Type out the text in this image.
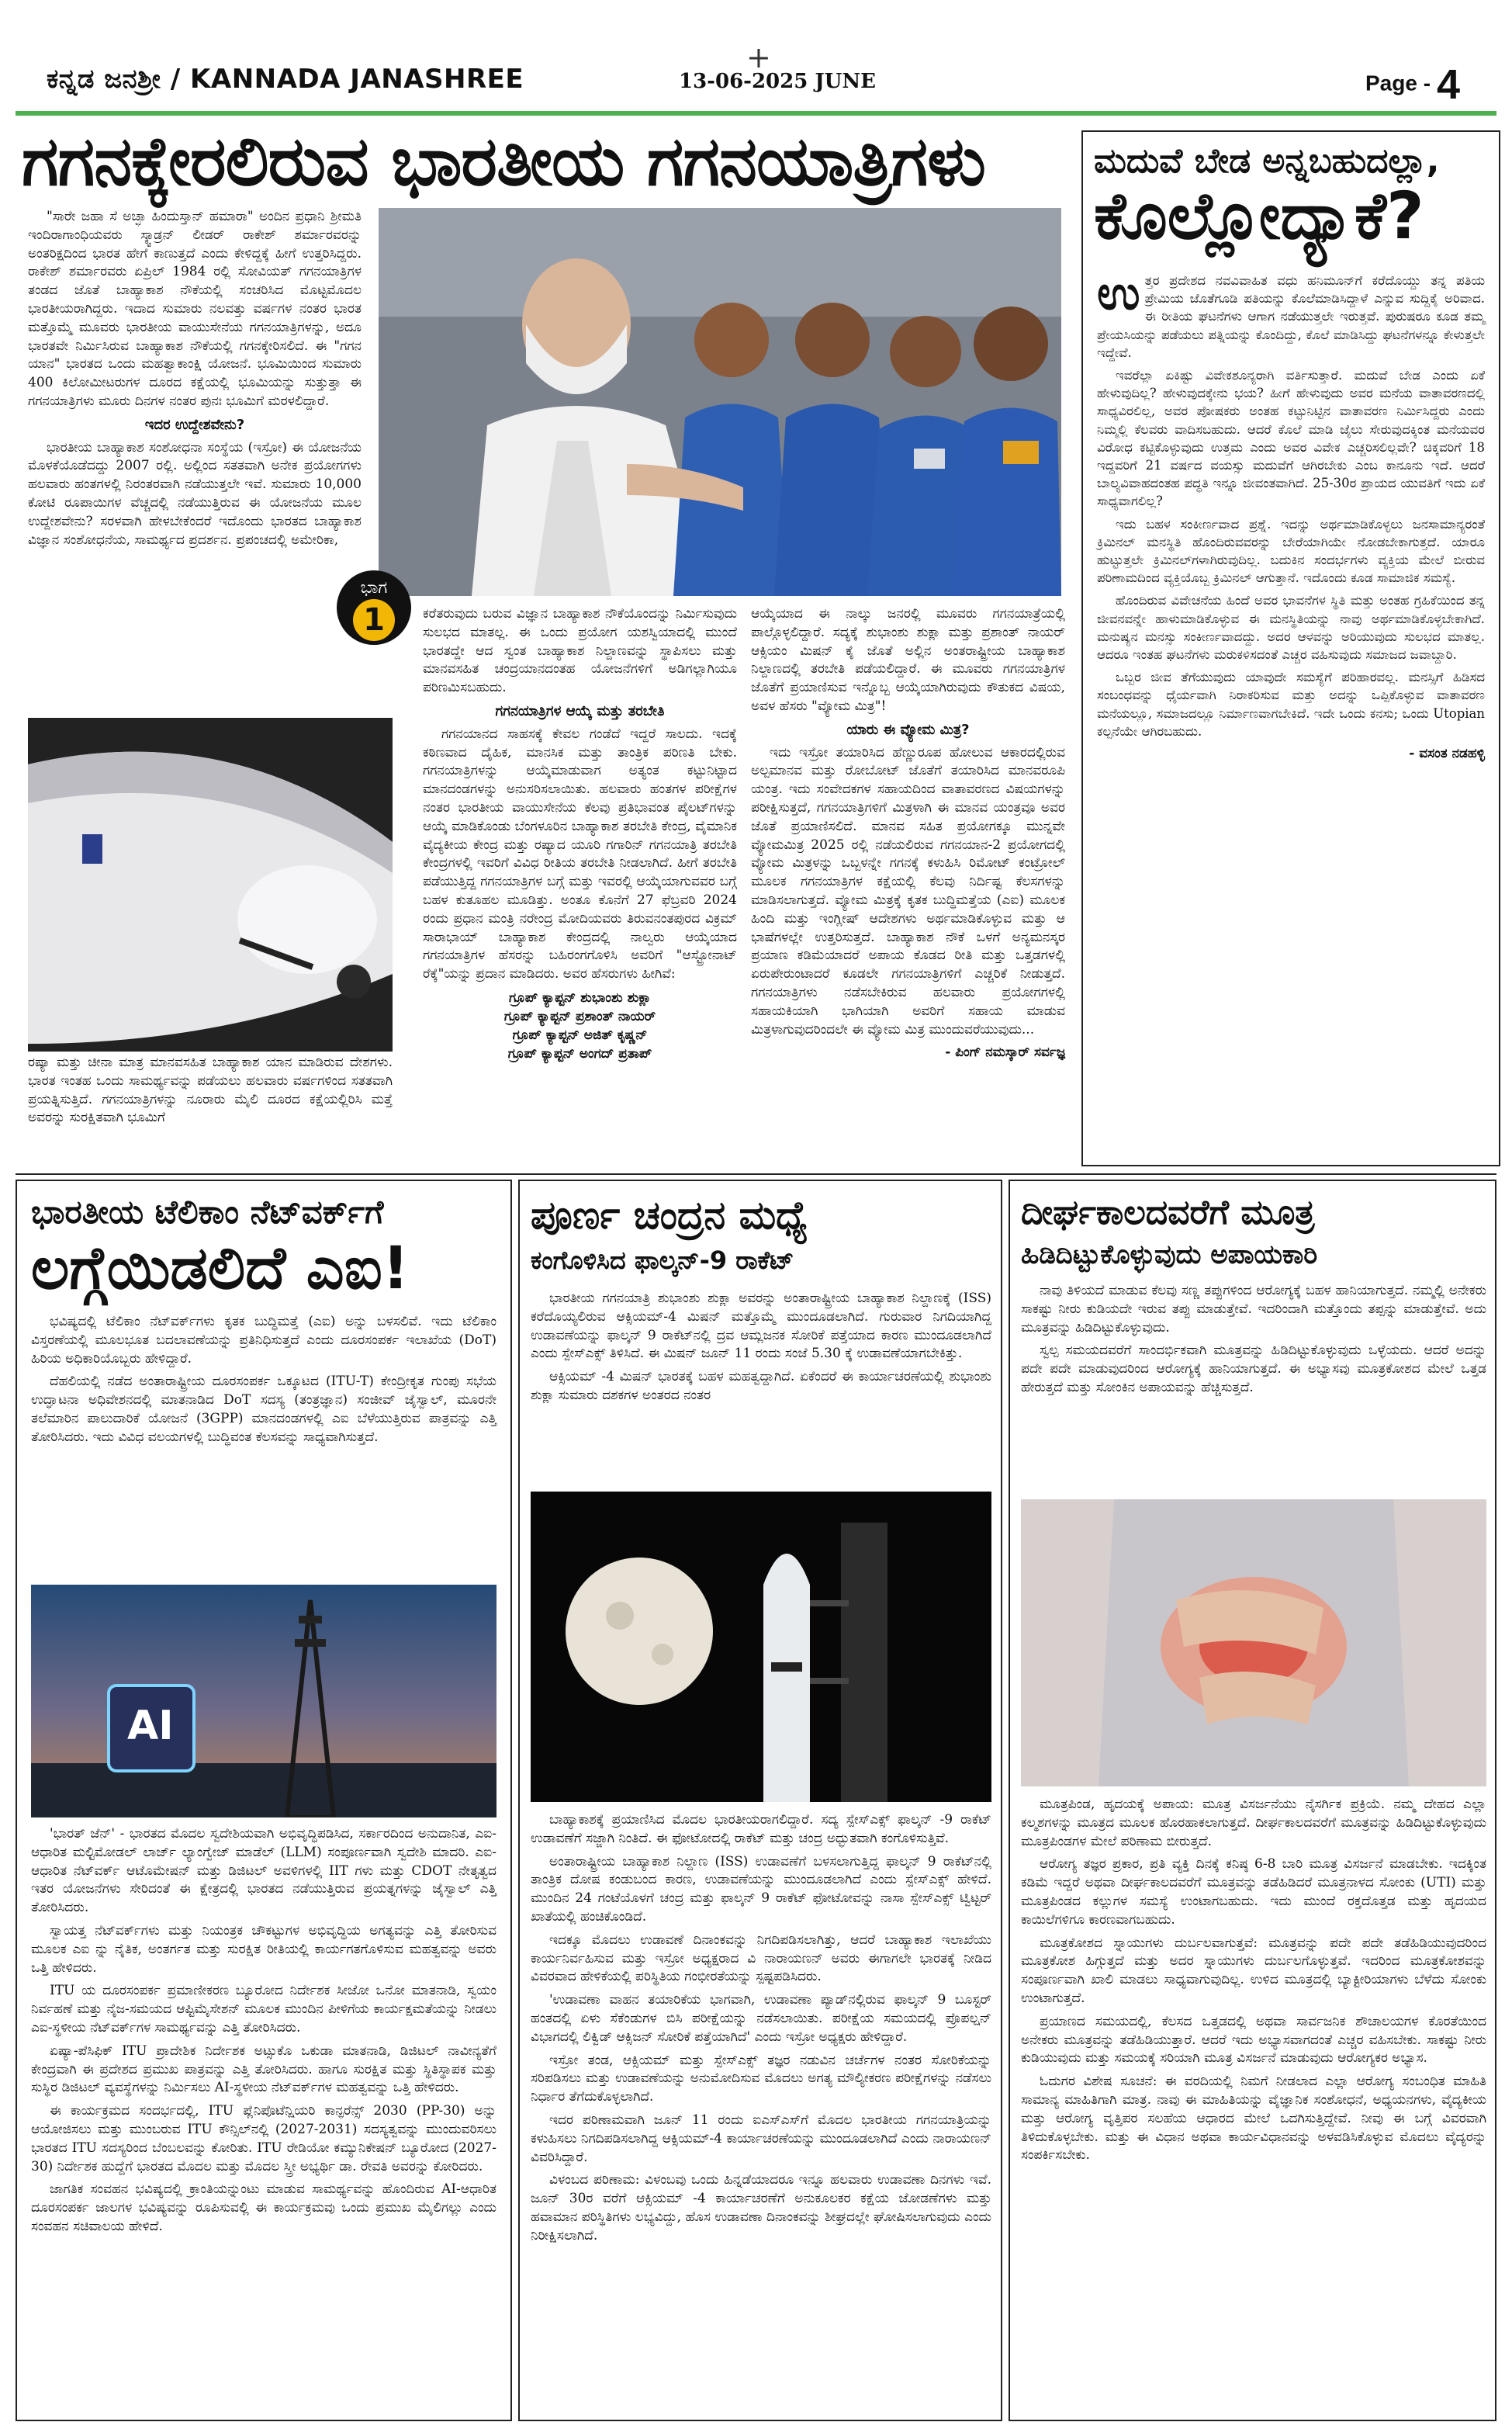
ಕನ್ನಡ ಜನಶ್ರೀ / KANNADA JANASHREE
+
13-06-2025 JUNE	Page - 4
ಗಗನಕ್ಕೇರಲಿರುವ ಭಾರತೀಯ ಗಗನಯಾತ್ರಿಗಳು

"ಸಾರೇ ಜಹಾ ಸೆ ಅಚ್ಛಾ ಹಿಂದುಸ್ತಾನ್ ಹಮಾರಾ" ಅಂದಿನ ಪ್ರಧಾನಿ ಶ್ರೀಮತಿ ಇಂದಿರಾಗಾಂಧಿಯವರು ಸ್ಕ್ವಾಡ್ರನ್ ಲೀಡರ್ ರಾಕೇಶ್ ಶರ್ಮಾರವರನ್ನು ಅಂತರಿಕ್ಷದಿಂದ ಭಾರತ ಹೇಗೆ ಕಾಣುತ್ತದೆ ಎಂದು ಕೇಳಿದ್ದಕ್ಕೆ ಹೀಗೆ ಉತ್ತರಿಸಿದ್ದರು. ರಾಕೇಶ್ ಶರ್ಮಾರವರು ಏಪ್ರಿಲ್ 1984 ರಲ್ಲಿ ಸೋವಿಯತ್ ಗಗನಯಾತ್ರಿಗಳ ತಂಡದ ಜೊತೆ ಬಾಹ್ಯಾಕಾಶ ನೌಕೆಯಲ್ಲಿ ಸಂಚರಿಸಿದ ಮೊಟ್ಟಮೊದಲ ಭಾರತೀಯರಾಗಿದ್ದರು. ಇದಾದ ಸುಮಾರು ನಲವತ್ತು ವರ್ಷಗಳ ನಂತರ ಭಾರತ ಮತ್ತೊಮ್ಮೆ ಮೂವರು ಭಾರತೀಯ ವಾಯುಸೇನೆಯ ಗಗನಯಾತ್ರಿಗಳನ್ನು, ಅದೂ ಭಾರತವೇ ನಿರ್ಮಿಸಿರುವ ಬಾಹ್ಯಾಕಾಶ ನೌಕೆಯಲ್ಲಿ ಗಗನಕ್ಕೇರಿಸಲಿದೆ. ಈ "ಗಗನ ಯಾನ" ಭಾರತದ ಒಂದು ಮಹತ್ವಾಕಾಂಕ್ಷಿ ಯೋಜನೆ. ಭೂಮಿಯಿಂದ ಸುಮಾರು 400 ಕಿಲೋಮೀಟರುಗಳ ದೂರದ ಕಕ್ಷೆಯಲ್ಲಿ ಭೂಮಿಯನ್ನು ಸುತ್ತುತ್ತಾ ಈ ಗಗನಯಾತ್ರಿಗಳು ಮೂರು ದಿನಗಳ ನಂತರ ಪುನಃ ಭೂಮಿಗೆ ಮರಳಲಿದ್ದಾರೆ.

ಇದರ ಉದ್ದೇಶವೇನು?

ಭಾರತೀಯ ಬಾಹ್ಯಾಕಾಶ ಸಂಶೋಧನಾ ಸಂಸ್ಥೆಯ (ಇಸ್ರೋ) ಈ ಯೋಜನೆಯ ಮೊಳಕೆಯೊಡೆದದ್ದು 2007 ರಲ್ಲಿ. ಅಲ್ಲಿಂದ ಸತತವಾಗಿ ಅನೇಕ ಪ್ರಯೋಗಗಳು ಹಲವಾರು ಹಂತಗಳಲ್ಲಿ ನಿರಂತರವಾಗಿ ನಡೆಯುತ್ತಲೇ ಇವೆ. ಸುಮಾರು 10,000 ಕೋಟಿ ರೂಪಾಯಿಗಳ ವೆಚ್ಚದಲ್ಲಿ ನಡೆಯುತ್ತಿರುವ ಈ ಯೋಜನೆಯ ಮೂಲ ಉದ್ದೇಶವೇನು? ಸರಳವಾಗಿ ಹೇಳಬೇಕೆಂದರೆ ಇದೊಂದು ಭಾರತದ ಬಾಹ್ಯಾಕಾಶ ವಿಜ್ಞಾನ ಸಂಶೋಧನೆಯ, ಸಾಮರ್ಥ್ಯದ ಪ್ರದರ್ಶನ. ಪ್ರಪಂಚದಲ್ಲಿ ಅಮೇರಿಕಾ,

ಭಾಗ
1

ರಷ್ಯಾ ಮತ್ತು ಚೀನಾ ಮಾತ್ರ ಮಾನವಸಹಿತ ಬಾಹ್ಯಾಕಾಶ ಯಾನ ಮಾಡಿರುವ ದೇಶಗಳು. ಭಾರತ ಇಂತಹ ಒಂದು ಸಾಮರ್ಥ್ಯವನ್ನು ಪಡೆಯಲು ಹಲವಾರು ವರ್ಷಗಳಿಂದ ಸತತವಾಗಿ ಪ್ರಯತ್ನಿಸುತ್ತಿದೆ. ಗಗನಯಾತ್ರಿಗಳನ್ನು ನೂರಾರು ಮೈಲಿ ದೂರದ ಕಕ್ಷೆಯಲ್ಲಿರಿಸಿ ಮತ್ತೆ ಅವರನ್ನು ಸುರಕ್ಷಿತವಾಗಿ ಭೂಮಿಗೆ

ಕರೆತರುವುದು ಬರುವ ವಿಜ್ಞಾನ ಬಾಹ್ಯಾಕಾಶ ನೌಕೆಯೊಂದನ್ನು ನಿರ್ಮಿಸುವುದು ಸುಲಭದ ಮಾತಲ್ಲ. ಈ ಒಂದು ಪ್ರಯೋಗ ಯಶಸ್ವಿಯಾದಲ್ಲಿ ಮುಂದೆ ಭಾರತದ್ದೇ ಆದ ಸ್ವಂತ ಬಾಹ್ಯಾಕಾಶ ನಿಲ್ದಾಣವನ್ನು ಸ್ಥಾಪಿಸಲು ಮತ್ತು ಮಾನವಸಹಿತ ಚಂದ್ರಯಾನದಂತಹ ಯೋಜನೆಗಳಿಗೆ ಅಡಿಗಲ್ಲಾಗಿಯೂ ಪರಿಣಮಿಸಬಹುದು.

ಗಗನಯಾತ್ರಿಗಳ ಆಯ್ಕೆ ಮತ್ತು ತರಬೇತಿ

ಗಗನಯಾನದ ಸಾಹಸಕ್ಕೆ ಕೇವಲ ಗಂಡೆದೆ ಇದ್ದರೆ ಸಾಲದು. ಇದಕ್ಕೆ ಕಠಿಣವಾದ ದೈಹಿಕ, ಮಾನಸಿಕ ಮತ್ತು ತಾಂತ್ರಿಕ ಪರಿಣತಿ ಬೇಕು. ಗಗನಯಾತ್ರಿಗಳನ್ನು ಆಯ್ಕೆಮಾಡುವಾಗ ಅತ್ಯಂತ ಕಟ್ಟುನಿಟ್ಟಾದ ಮಾನದಂಡಗಳನ್ನು ಅನುಸರಿಸಲಾಯಿತು. ಹಲವಾರು ಹಂತಗಳ ಪರೀಕ್ಷೆಗಳ ನಂತರ ಭಾರತೀಯ ವಾಯುಸೇನೆಯ ಕೆಲವು ಪ್ರತಿಭಾವಂತ ಪೈಲಟ್‌ಗಳನ್ನು ಆಯ್ಕೆ ಮಾಡಿಕೊಂಡು ಬೆಂಗಳೂರಿನ ಬಾಹ್ಯಾಕಾಶ ತರಬೇತಿ ಕೇಂದ್ರ, ವೈಮಾನಿಕ ವೈದ್ಯಕೀಯ ಕೇಂದ್ರ ಮತ್ತು ರಷ್ಯಾದ ಯೂರಿ ಗಗಾರಿನ್ ಗಗನಯಾತ್ರಿ ತರಬೇತಿ ಕೇಂದ್ರಗಳಲ್ಲಿ ಇವರಿಗೆ ವಿವಿಧ ರೀತಿಯ ತರಬೇತಿ ನೀಡಲಾಗಿದೆ. ಹೀಗೆ ತರಬೇತಿ ಪಡೆಯುತ್ತಿದ್ದ ಗಗನಯಾತ್ರಿಗಳ ಬಗ್ಗೆ ಮತ್ತು ಇವರಲ್ಲಿ ಆಯ್ಕೆಯಾಗುವವರ ಬಗ್ಗೆ ಬಹಳ ಕುತೂಹಲ ಮೂಡಿತ್ತು. ಅಂತೂ ಕೊನೆಗೆ 27 ಫೆಬ್ರವರಿ 2024 ರಂದು ಪ್ರಧಾನ ಮಂತ್ರಿ ನರೇಂದ್ರ ಮೋದಿಯವರು ತಿರುವನಂತಪುರದ ವಿಕ್ರಮ್ ಸಾರಾಭಾಯ್ ಬಾಹ್ಯಾಕಾಶ ಕೇಂದ್ರದಲ್ಲಿ ನಾಲ್ವರು ಆಯ್ಕೆಯಾದ ಗಗನಯಾತ್ರಿಗಳ ಹೆಸರನ್ನು ಬಹಿರಂಗಗೊಳಿಸಿ ಅವರಿಗೆ "ಆಸ್ಟ್ರೋನಾಟ್ ರೆಕ್ಕೆ"ಯನ್ನು ಪ್ರದಾನ ಮಾಡಿದರು. ಅವರ ಹೆಸರುಗಳು ಹೀಗಿವೆ:

ಗ್ರೂಪ್ ಕ್ಯಾಪ್ಟನ್ ಶುಭಾಂಶು ಶುಕ್ಲಾ
ಗ್ರೂಪ್ ಕ್ಯಾಪ್ಟನ್ ಪ್ರಶಾಂತ್ ನಾಯರ್
ಗ್ರೂಪ್ ಕ್ಯಾಪ್ಟನ್ ಅಜಿತ್ ಕೃಷ್ಣನ್
ಗ್ರೂಪ್ ಕ್ಯಾಪ್ಟನ್ ಅಂಗದ್ ಪ್ರತಾಪ್

ಆಯ್ಕೆಯಾದ ಈ ನಾಲ್ಕು ಜನರಲ್ಲಿ ಮೂವರು ಗಗನಯಾತ್ರೆಯಲ್ಲಿ ಪಾಲ್ಗೊಳ್ಳಲಿದ್ದಾರೆ. ಸದ್ಯಕ್ಕೆ ಶುಭಾಂಶು ಶುಕ್ಲಾ ಮತ್ತು ಪ್ರಶಾಂತ್ ನಾಯರ್ ಆಕ್ಸಿಯಂ ಮಿಷನ್ ಕೈ ಜೊತೆ ಅಲ್ಲಿನ ಅಂತರಾಷ್ಟ್ರೀಯ ಬಾಹ್ಯಾಕಾಶ ನಿಲ್ದಾಣದಲ್ಲಿ ತರಬೇತಿ ಪಡೆಯಲಿದ್ದಾರೆ. ಈ ಮೂವರು ಗಗನಯಾತ್ರಿಗಳ ಜೊತೆಗೆ ಪ್ರಯಾಣಿಸುವ ಇನ್ನೊಬ್ಬ ಆಯ್ಕೆಯಾಗಿರುವುದು ಕೌತುಕದ ವಿಷಯ, ಅವಳ ಹೆಸರು "ವ್ಯೋಮ ಮಿತ್ರ"!

ಯಾರು ಈ ವ್ಯೋಮ ಮಿತ್ರ?

ಇದು ಇಸ್ರೋ ತಯಾರಿಸಿದ ಹೆಣ್ಣುರೂಪ ಹೋಲುವ ಆಕಾರದಲ್ಲಿರುವ ಅಲ್ಪಮಾನವ ಮತ್ತು ರೋಬೋಟ್ ಜೊತೆಗೆ ತಯಾರಿಸಿದ ಮಾನವರೂಪಿ ಯಂತ್ರ. ಇದು ಸಂವೇದಕಗಳ ಸಹಾಯದಿಂದ ವಾತಾವರಣದ ವಿಷಯಗಳನ್ನು ಪರೀಕ್ಷಿಸುತ್ತದೆ, ಗಗನಯಾತ್ರಿಗಳಿಗೆ ಮಿತ್ರಳಾಗಿ ಈ ಮಾನವ ಯಂತ್ರವೂ ಅವರ ಜೊತೆ ಪ್ರಯಾಣಿಸಲಿದೆ. ಮಾನವ ಸಹಿತ ಪ್ರಯೋಗಕ್ಕೂ ಮುನ್ನವೇ ವ್ಯೋಮಮಿತ್ರ 2025 ರಲ್ಲಿ ನಡೆಯಲಿರುವ ಗಗನಯಾನ-2 ಪ್ರಯೋಗದಲ್ಲಿ ವ್ಯೋಮ ಮಿತ್ರಳನ್ನು ಒಬ್ಬಳನ್ನೇ ಗಗನಕ್ಕೆ ಕಳುಹಿಸಿ ರಿಮೋಟ್ ಕಂಟ್ರೋಲ್ ಮೂಲಕ ಗಗನಯಾತ್ರಿಗಳ ಕಕ್ಷೆಯಲ್ಲಿ ಕೆಲವು ನಿರ್ದಿಷ್ಟ ಕೆಲಸಗಳನ್ನು ಮಾಡಿಸಲಾಗುತ್ತದೆ. ವ್ಯೋಮ ಮಿತ್ರಕ್ಕೆ ಕೃತಕ ಬುದ್ಧಿಮತ್ತೆಯ (ಎಐ) ಮೂಲಕ ಹಿಂದಿ ಮತ್ತು ಇಂಗ್ಲೀಷ್ ಆದೇಶಗಳು ಅರ್ಥಮಾಡಿಕೊಳ್ಳುವ ಮತ್ತು ಆ ಭಾಷೆಗಳಲ್ಲೇ ಉತ್ತರಿಸುತ್ತದೆ. ಬಾಹ್ಯಾಕಾಶ ನೌಕೆ ಒಳಗೆ ಅನ್ಯಮನಸ್ಕರ ಪ್ರಯಾಣ ಕಡಿಮೆಯಾದರೆ ಅಪಾಯ ಕೊಡದ ರೀತಿ ಮತ್ತು ಒತ್ತಡಗಳಲ್ಲಿ ಏರುಪೇರುಂಟಾದರೆ ಕೂಡಲೇ ಗಗನಯಾತ್ರಿಗಳಿಗೆ ಎಚ್ಚರಿಕೆ ನೀಡುತ್ತದೆ. ಗಗನಯಾತ್ರಿಗಳು ನಡೆಸಬೇಕಿರುವ ಹಲವಾರು ಪ್ರಯೋಗಗಳಲ್ಲಿ ಸಹಾಯಕಿಯಾಗಿ ಭಾಗಿಯಾಗಿ ಅವರಿಗೆ ಸಹಾಯ ಮಾಡುವ ಮಿತ್ರಳಾಗುವುದರಿಂದಲೇ ಈ ವ್ಯೋಮ ಮಿತ್ರ ಮುಂದುವರೆಯುವುದು...

- ಪಿಂಗ್ ನಮಸ್ಕಾರ್ ಸರ್ವಜ್ಞ
ಮದುವೆ ಬೇಡ ಅನ್ನಬಹುದಲ್ಲಾ,
ಕೊಲ್ಲೋದ್ಯಾಕೆ?

ಉತ್ತರ ಪ್ರದೇಶದ ನವವಿವಾಹಿತ ವಧು ಹನಿಮೂನ್‌ಗೆ ಕರೆದೊಯ್ದು ತನ್ನ ಪತಿಯ ಪ್ರೇಮಿಯ ಜೊತೆಗೂಡಿ ಪತಿಯನ್ನು ಕೊಲೆಮಾಡಿಸಿದ್ದಾಳೆ ಎನ್ನುವ ಸುದ್ದಿಕೈ ಅರಿವಾದ. ಈ ರೀತಿಯ ಘಟನೆಗಳು ಆಗಾಗ ನಡೆಯುತ್ತಲೇ ಇರುತ್ತವೆ. ಪುರುಷರೂ ಕೂಡ ತಮ್ಮ ಪ್ರೇಯಸಿಯನ್ನು ಪಡೆಯಲು ಪತ್ನಿಯನ್ನು ಕೊಂದಿದ್ದು, ಕೊಲೆ ಮಾಡಿಸಿದ್ದು ಘಟನೆಗಳನ್ನೂ ಕೇಳುತ್ತಲೇ ಇದ್ದೇವೆ.

ಇವರೆಲ್ಲಾ ಏಕಿಷ್ಟು ವಿವೇಕಶೂನ್ಯರಾಗಿ ವರ್ತಿಸುತ್ತಾರೆ. ಮದುವೆ ಬೇಡ ಎಂದು ಏಕೆ ಹೇಳುವುದಿಲ್ಲ? ಹೇಳುವುದಕ್ಕೇನು ಭಯ? ಹೀಗೆ ಹೇಳುವುದು ಅವರ ಮನೆಯ ವಾತಾವರಣದಲ್ಲಿ ಸಾಧ್ಯವಿರಲಿಲ್ಲ, ಅವರ ಪೋಷಕರು ಅಂತಹ ಕಟ್ಟುನಿಟ್ಟಿನ ವಾತಾವರಣ ನಿರ್ಮಿಸಿದ್ದರು ಎಂದು ನಿಮ್ಮಲ್ಲಿ ಕೆಲವರು ವಾದಿಸಬಹುದು. ಆದರೆ ಕೊಲೆ ಮಾಡಿ ಜೈಲು ಸೇರುವುದಕ್ಕಿಂತ ಮನೆಯವರ ವಿರೋಧ ಕಟ್ಟಿಕೊಳ್ಳುವುದು ಉತ್ತಮ ಎಂದು ಅವರ ವಿವೇಕ ಎಚ್ಚರಿಸಲಿಲ್ಲವೇ? ಚಿಕ್ಕವರಿಗೆ 18 ಇದ್ದವರಿಗೆ 21 ವರ್ಷದ ವಯಸ್ಸು ಮದುವೆಗೆ ಆಗಿರಬೇಕು ಎಂಬ ಕಾನೂನು ಇದೆ. ಆದರೆ ಬಾಲ್ಯವಿವಾಹದಂತಹ ಪದ್ಧತಿ ಇನ್ನೂ ಜೀವಂತವಾಗಿದೆ. 25-30ರ ಪ್ರಾಯದ ಯುವತಿಗೆ ಇದು ಏಕೆ ಸಾಧ್ಯವಾಗಲಿಲ್ಲ?

ಇದು ಬಹಳ ಸಂಕೀರ್ಣವಾದ ಪ್ರಶ್ನೆ. ಇದನ್ನು ಅರ್ಥಮಾಡಿಕೊಳ್ಳಲು ಜನಸಾಮಾನ್ಯರಂತೆ ಕ್ರಿಮಿನಲ್ ಮನಸ್ಥಿತಿ ಹೊಂದಿರುವವರನ್ನು ಬೇರೆಯಾಗಿಯೇ ನೋಡಬೇಕಾಗುತ್ತದೆ. ಯಾರೂ ಹುಟ್ಟುತ್ತಲೇ ಕ್ರಿಮಿನಲ್‌ಗಳಾಗಿರುವುದಿಲ್ಲ. ಬದುಕಿನ ಸಂದರ್ಭಗಳು ವ್ಯಕ್ತಿಯ ಮೇಲೆ ಬೀರುವ ಪರಿಣಾಮದಿಂದ ವ್ಯಕ್ತಿಯೊಬ್ಬ ಕ್ರಿಮಿನಲ್ ಆಗುತ್ತಾನೆ. ಇದೊಂದು ಕೂಡ ಸಾಮಾಜಿಕ ಸಮಸ್ಯೆ.

ಹೊಂದಿರುವ ವಿವೇಚನೆಯ ಹಿಂದೆ ಅವರ ಭಾವನೆಗಳ ಸ್ಥಿತಿ ಮತ್ತು ಅಂತಹ ಗ್ರಹಿಕೆಯಿಂದ ತನ್ನ ಜೀವನವನ್ನೇ ಹಾಳುಮಾಡಿಕೊಳ್ಳುವ ಈ ಮನಸ್ಥಿತಿಯನ್ನು ನಾವು ಅರ್ಥಮಾಡಿಕೊಳ್ಳಬೇಕಾಗಿದೆ. ಮನುಷ್ಯನ ಮನಸ್ಸು ಸಂಕೀರ್ಣವಾದದ್ದು. ಅದರ ಆಳವನ್ನು ಅರಿಯುವುದು ಸುಲಭದ ಮಾತಲ್ಲ. ಆದರೂ ಇಂತಹ ಘಟನೆಗಳು ಮರುಕಳಿಸದಂತೆ ಎಚ್ಚರ ವಹಿಸುವುದು ಸಮಾಜದ ಜವಾಬ್ದಾರಿ.

ಒಬ್ಬರ ಜೀವ ತೆಗೆಯುವುದು ಯಾವುದೇ ಸಮಸ್ಯೆಗೆ ಪರಿಹಾರವಲ್ಲ. ಮನಸ್ಸಿಗೆ ಹಿಡಿಸದ ಸಂಬಂಧವನ್ನು ಧೈರ್ಯವಾಗಿ ನಿರಾಕರಿಸುವ ಮತ್ತು ಅದನ್ನು ಒಪ್ಪಿಕೊಳ್ಳುವ ವಾತಾವರಣ ಮನೆಯಲ್ಲೂ, ಸಮಾಜದಲ್ಲೂ ನಿರ್ಮಾಣವಾಗಬೇಕಿದೆ. ಇದೇ ಒಂದು ಕನಸು; ಒಂದು Utopian ಕಲ್ಪನೆಯೇ ಆಗಿರಬಹುದು.

- ವಸಂತ ನಡಹಳ್ಳಿ
ಭಾರತೀಯ ಟೆಲಿಕಾಂ ನೆಟ್‌ವರ್ಕ್‌ಗೆ
ಲಗ್ಗೆಯಿಡಲಿದೆ ಎಐ!

ಭವಿಷ್ಯದಲ್ಲಿ ಟೆಲಿಕಾಂ ನೆಟ್‌ವರ್ಕ್‌ಗಳು ಕೃತಕ ಬುದ್ಧಿಮತ್ತೆ (ಎಐ) ಅನ್ನು ಬಳಸಲಿವೆ. ಇದು ಟೆಲಿಕಾಂ ವಿಸ್ತರಣೆಯಲ್ಲಿ ಮೂಲಭೂತ ಬದಲಾವಣೆಯನ್ನು ಪ್ರತಿನಿಧಿಸುತ್ತದೆ ಎಂದು ದೂರಸಂಪರ್ಕ ಇಲಾಖೆಯ (DoT) ಹಿರಿಯ ಅಧಿಕಾರಿಯೊಬ್ಬರು ಹೇಳಿದ್ದಾರೆ.

ದೆಹಲಿಯಲ್ಲಿ ನಡೆದ ಅಂತಾರಾಷ್ಟ್ರೀಯ ದೂರಸಂಪರ್ಕ ಒಕ್ಕೂಟದ (ITU-T) ಕೇಂದ್ರೀಕೃತ ಗುಂಪು ಸಭೆಯ ಉದ್ಘಾಟನಾ ಅಧಿವೇಶನದಲ್ಲಿ ಮಾತನಾಡಿದ DoT ಸದಸ್ಯ (ತಂತ್ರಜ್ಞಾನ) ಸಂಜೀವ್ ಜೈಸ್ವಾಲ್, ಮೂರನೇ ತಲೆಮಾರಿನ ಪಾಲುದಾರಿಕೆ ಯೋಜನೆ (3GPP) ಮಾನದಂಡಗಳಲ್ಲಿ ಎಐ ಬೆಳೆಯುತ್ತಿರುವ ಪಾತ್ರವನ್ನು ಎತ್ತಿ ತೋರಿಸಿದರು. ಇದು ವಿವಿಧ ವಲಯಗಳಲ್ಲಿ ಬುದ್ಧಿವಂತ ಕೆಲಸವನ್ನು ಸಾಧ್ಯವಾಗಿಸುತ್ತದೆ.

AI

'ಭಾರತ್ ಜೆನ್' - ಭಾರತದ ಮೊದಲ ಸ್ವದೇಶಿಯವಾಗಿ ಅಭಿವೃದ್ಧಿಪಡಿಸಿದ, ಸರ್ಕಾರದಿಂದ ಅನುದಾನಿತ, ಎಐ-ಆಧಾರಿತ ಮಲ್ಟಿಮೋಡಲ್ ಲಾರ್ಜ್ ಲ್ಯಾಂಗ್ವೇಜ್ ಮಾಡೆಲ್ (LLM) ಸಂಪೂರ್ಣವಾಗಿ ಸ್ವದೇಶಿ ಮಾದರಿ. ಎಐ-ಆಧಾರಿತ ನೆಟ್‌ವರ್ಕ್ ಆಟೊಮೇಷನ್ ಮತ್ತು ಡಿಜಿಟಲ್ ಅವಳಿಗಳಲ್ಲಿ IIT ಗಳು ಮತ್ತು CDOT ನೇತೃತ್ವದ ಇತರ ಯೋಜನೆಗಳು ಸೇರಿದಂತೆ ಈ ಕ್ಷೇತ್ರದಲ್ಲಿ ಭಾರತದ ನಡೆಯುತ್ತಿರುವ ಪ್ರಯತ್ನಗಳನ್ನು ಜೈಸ್ವಾಲ್ ಎತ್ತಿ ತೋರಿಸಿದರು.

ಸ್ವಾಯತ್ತ ನೆಟ್‌ವರ್ಕ್‌ಗಳು ಮತ್ತು ನಿಯಂತ್ರಕ ಚೌಕಟ್ಟುಗಳ ಅಭಿವೃದ್ಧಿಯ ಅಗತ್ಯವನ್ನು ಎತ್ತಿ ತೋರಿಸುವ ಮೂಲಕ ಎಐ ನ್ನು ನೈತಿಕ, ಅಂತರ್ಗತ ಮತ್ತು ಸುರಕ್ಷಿತ ರೀತಿಯಲ್ಲಿ ಕಾರ್ಯಗತಗೊಳಿಸುವ ಮಹತ್ವವನ್ನು ಅವರು ಒತ್ತಿ ಹೇಳಿದರು.

ITU ಯ ದೂರಸಂಪರ್ಕ ಪ್ರಮಾಣೀಕರಣ ಬ್ಯೂರೋದ ನಿರ್ದೇಶಕ ಸೀಜೋ ಒನೋ ಮಾತನಾಡಿ, ಸ್ವಯಂ ನಿರ್ವಹಣೆ ಮತ್ತು ನೈಜ-ಸಮಯದ ಆಪ್ಟಿಮೈಸೇಶನ್ ಮೂಲಕ ಮುಂದಿನ ಪೀಳಿಗೆಯ ಕಾರ್ಯಕ್ಷಮತೆಯನ್ನು ನೀಡಲು ಎಐ-ಸ್ಥಳೀಯ ನೆಟ್‌ವರ್ಕ್‌ಗಳ ಸಾಮರ್ಥ್ಯವನ್ನು ಎತ್ತಿ ತೋರಿಸಿದರು.

ಏಷ್ಯಾ-ಪೆಸಿಫಿಕ್ ITU ಪ್ರಾದೇಶಿಕ ನಿರ್ದೇಶಕ ಅಟ್ಸುಕೊ ಒಕುಡಾ ಮಾತನಾಡಿ, ಡಿಜಿಟಲ್ ನಾವೀನ್ಯತೆಗೆ ಕೇಂದ್ರವಾಗಿ ಈ ಪ್ರದೇಶದ ಪ್ರಮುಖ ಪಾತ್ರವನ್ನು ಎತ್ತಿ ತೋರಿಸಿದರು. ಹಾಗೂ ಸುರಕ್ಷಿತ ಮತ್ತು ಸ್ಥಿತಿಸ್ಥಾಪಕ ಮತ್ತು ಸುಸ್ಥಿರ ಡಿಜಿಟಲ್ ವ್ಯವಸ್ಥೆಗಳನ್ನು ನಿರ್ಮಿಸಲು AI-ಸ್ಥಳೀಯ ನೆಟ್‌ವರ್ಕ್‌ಗಳ ಮಹತ್ವವನ್ನು ಒತ್ತಿ ಹೇಳಿದರು.

ಈ ಕಾರ್ಯಕ್ರಮದ ಸಂದರ್ಭದಲ್ಲಿ, ITU ಪ್ಲೆನಿಪೊಟೆನ್ಷಿಯರಿ ಕಾನ್ಫರೆನ್ಸ್ 2030 (PP-30) ಅನ್ನು ಆಯೋಜಿಸಲು ಮತ್ತು ಮುಂಬರುವ ITU ಕೌನ್ಸಿಲ್‌ನಲ್ಲಿ (2027-2031) ಸದಸ್ಯತ್ವವನ್ನು ಮುಂದುವರಿಸಲು ಭಾರತದ ITU ಸದಸ್ಯರಿಂದ ಬೆಂಬಲವನ್ನು ಕೋರಿತು. ITU ರೇಡಿಯೋ ಕಮ್ಯುನಿಕೇಷನ್ ಬ್ಯೂರೋದ (2027-30) ನಿರ್ದೇಶಕ ಹುದ್ದೆಗೆ ಭಾರತದ ಮೊದಲ ಮತ್ತು ಮೊದಲ ಸ್ತ್ರೀ ಅಭ್ಯರ್ಥಿ ಡಾ. ರೇವತಿ ಅವರನ್ನು ಕೋರಿದರು.

ಜಾಗತಿಕ ಸಂವಹನ ಭವಿಷ್ಯದಲ್ಲಿ ಕ್ರಾಂತಿಯನ್ನುಂಟು ಮಾಡುವ ಸಾಮರ್ಥ್ಯವನ್ನು ಹೊಂದಿರುವ AI-ಆಧಾರಿತ ದೂರಸಂಪರ್ಕ ಜಾಲಗಳ ಭವಿಷ್ಯವನ್ನು ರೂಪಿಸುವಲ್ಲಿ ಈ ಕಾರ್ಯಕ್ರಮವು ಒಂದು ಪ್ರಮುಖ ಮೈಲಿಗಲ್ಲು ಎಂದು ಸಂವಹನ ಸಚಿವಾಲಯ ಹೇಳಿದೆ.

ಪೂರ್ಣ ಚಂದ್ರನ ಮಧ್ಯೆ
ಕಂಗೊಳಿಸಿದ ಫಾಲ್ಕನ್-9 ರಾಕೆಟ್

ಭಾರತೀಯ ಗಗನಯಾತ್ರಿ ಶುಭಾಂಶು ಶುಕ್ಲಾ ಅವರನ್ನು ಅಂತಾರಾಷ್ಟ್ರೀಯ ಬಾಹ್ಯಾಕಾಶ ನಿಲ್ದಾಣಕ್ಕೆ (ISS) ಕರೆದೊಯ್ಯಲಿರುವ ಆಕ್ಸಿಯಮ್-4 ಮಿಷನ್ ಮತ್ತೊಮ್ಮೆ ಮುಂದೂಡಲಾಗಿದೆ. ಗುರುವಾರ ನಿಗದಿಯಾಗಿದ್ದ ಉಡಾವಣೆಯನ್ನು ಫಾಲ್ಕನ್ 9 ರಾಕೆಟ್‌ನಲ್ಲಿ ದ್ರವ ಆಮ್ಲಜನಕ ಸೋರಿಕೆ ಪತ್ತೆಯಾದ ಕಾರಣ ಮುಂದೂಡಲಾಗಿದೆ ಎಂದು ಸ್ಪೇಸ್‌ಎಕ್ಸ್ ತಿಳಿಸಿದೆ. ಈ ಮಿಷನ್ ಜೂನ್ 11 ರಂದು ಸಂಜೆ 5.30 ಕ್ಕೆ ಉಡಾವಣೆಯಾಗಬೇಕಿತ್ತು.

ಆಕ್ಸಿಯಮ್ -4 ಮಿಷನ್ ಭಾರತಕ್ಕೆ ಬಹಳ ಮಹತ್ವದ್ದಾಗಿದೆ. ಏಕೆಂದರೆ ಈ ಕಾರ್ಯಾಚರಣೆಯಲ್ಲಿ ಶುಭಾಂಶು ಶುಕ್ಲಾ ಸುಮಾರು ದಶಕಗಳ ಅಂತರದ ನಂತರ

ಬಾಹ್ಯಾಕಾಶಕ್ಕೆ ಪ್ರಯಾಣಿಸಿದ ಮೊದಲ ಭಾರತೀಯರಾಗಲಿದ್ದಾರೆ. ಸದ್ಯ ಸ್ಪೇಸ್‌ಎಕ್ಸ್ ಫಾಲ್ಕನ್ -9 ರಾಕೆಟ್ ಉಡಾವಣೆಗೆ ಸಜ್ಜಾಗಿ ನಿಂತಿದೆ. ಈ ಫೋಟೋದಲ್ಲಿ ರಾಕೆಟ್ ಮತ್ತು ಚಂದ್ರ ಅದ್ಭುತವಾಗಿ ಕಂಗೊಳಿಸುತ್ತಿವೆ.

ಅಂತಾರಾಷ್ಟ್ರೀಯ ಬಾಹ್ಯಾಕಾಶ ನಿಲ್ದಾಣ (ISS) ಉಡಾವಣೆಗೆ ಬಳಸಲಾಗುತ್ತಿದ್ದ ಫಾಲ್ಕನ್ 9 ರಾಕೆಟ್‌ನಲ್ಲಿ ತಾಂತ್ರಿಕ ದೋಷ ಕಂಡುಬಂದ ಕಾರಣ, ಉಡಾವಣೆಯನ್ನು ಮುಂದೂಡಲಾಗಿದೆ ಎಂದು ಸ್ಪೇಸ್‌ಎಕ್ಸ್ ಹೇಳಿದೆ. ಮುಂದಿನ 24 ಗಂಟೆಯೊಳಗೆ ಚಂದ್ರ ಮತ್ತು ಫಾಲ್ಕನ್ 9 ರಾಕೆಟ್ ಫೋಟೋವನ್ನು ನಾಸಾ ಸ್ಪೇಸ್‌ಎಕ್ಸ್ ಟ್ವಿಟ್ಟರ್ ಖಾತೆಯಲ್ಲಿ ಹಂಚಿಕೊಂಡಿದೆ.

ಇದಕ್ಕೂ ಮೊದಲು ಉಡಾವಣೆ ದಿನಾಂಕವನ್ನು ನಿಗದಿಪಡಿಸಲಾಗಿತ್ತು, ಆದರೆ ಬಾಹ್ಯಾಕಾಶ ಇಲಾಖೆಯು ಕಾರ್ಯನಿರ್ವಹಿಸುವ ಮತ್ತು ಇಸ್ರೋ ಅಧ್ಯಕ್ಷರಾದ ವಿ ನಾರಾಯಣನ್ ಅವರು ಈಗಾಗಲೇ ಭಾರತಕ್ಕೆ ನೀಡಿದ ವಿವರವಾದ ಹೇಳಿಕೆಯಲ್ಲಿ ಪರಿಸ್ಥಿತಿಯ ಗಂಭೀರತೆಯನ್ನು ಸ್ಪಷ್ಟಪಡಿಸಿದರು.

'ಉಡಾವಣಾ ವಾಹನ ತಯಾರಿಕೆಯ ಭಾಗವಾಗಿ, ಉಡಾವಣಾ ಪ್ಯಾಡ್‌ನಲ್ಲಿರುವ ಫಾಲ್ಕನ್ 9 ಬೂಸ್ಟರ್ ಹಂತದಲ್ಲಿ ಏಳು ಸೆಕೆಂಡುಗಳ ಬಿಸಿ ಪರೀಕ್ಷೆಯನ್ನು ನಡೆಸಲಾಯಿತು. ಪರೀಕ್ಷೆಯ ಸಮಯದಲ್ಲಿ ಪ್ರೊಪಲ್ಷನ್ ವಿಭಾಗದಲ್ಲಿ ಲಿಕ್ವಿಡ್ ಆಕ್ಸಿಜನ್ ಸೋರಿಕೆ ಪತ್ತೆಯಾಗಿದೆ' ಎಂದು ಇಸ್ರೋ ಅಧ್ಯಕ್ಷರು ಹೇಳಿದ್ದಾರೆ.

ಇಸ್ರೋ ತಂಡ, ಆಕ್ಸಿಯಮ್ ಮತ್ತು ಸ್ಪೇಸ್‌ಎಕ್ಸ್ ತಜ್ಞರ ನಡುವಿನ ಚರ್ಚೆಗಳ ನಂತರ ಸೋರಿಕೆಯನ್ನು ಸರಿಪಡಿಸಲು ಮತ್ತು ಉಡಾವಣೆಯನ್ನು ಅನುಮೋದಿಸುವ ಮೊದಲು ಅಗತ್ಯ ಮೌಲ್ಯೀಕರಣ ಪರೀಕ್ಷೆಗಳನ್ನು ನಡೆಸಲು ನಿರ್ಧಾರ ತೆಗೆದುಕೊಳ್ಳಲಾಗಿದೆ.

ಇದರ ಪರಿಣಾಮವಾಗಿ ಜೂನ್ 11 ರಂದು ಐಎಸ್‌ಎಸ್‌ಗೆ ಮೊದಲ ಭಾರತೀಯ ಗಗನಯಾತ್ರಿಯನ್ನು ಕಳುಹಿಸಲು ನಿಗದಿಪಡಿಸಲಾಗಿದ್ದ ಆಕ್ಸಿಯಮ್-4 ಕಾರ್ಯಾಚರಣೆಯನ್ನು ಮುಂದೂಡಲಾಗಿದೆ ಎಂದು ನಾರಾಯಣನ್ ವಿವರಿಸಿದ್ದಾರೆ.

ವಿಳಂಬದ ಪರಿಣಾಮ: ವಿಳಂಬವು ಒಂದು ಹಿನ್ನಡೆಯಾದರೂ ಇನ್ನೂ ಹಲವಾರು ಉಡಾವಣಾ ದಿನಗಳು ಇವೆ. ಜೂನ್ 30ರ ವರೆಗೆ ಆಕ್ಸಿಯಮ್ -4 ಕಾರ್ಯಾಚರಣೆಗೆ ಅನುಕೂಲಕರ ಕಕ್ಷೆಯ ಜೋಡಣೆಗಳು ಮತ್ತು ಹವಾಮಾನ ಪರಿಸ್ಥಿತಿಗಳು ಲಭ್ಯವಿದ್ದು, ಹೊಸ ಉಡಾವಣಾ ದಿನಾಂಕವನ್ನು ಶೀಘ್ರದಲ್ಲೇ ಘೋಷಿಸಲಾಗುವುದು ಎಂದು ನಿರೀಕ್ಷಿಸಲಾಗಿದೆ.

ದೀರ್ಘಕಾಲದವರೆಗೆ ಮೂತ್ರ
ಹಿಡಿದಿಟ್ಟುಕೊಳ್ಳುವುದು ಅಪಾಯಕಾರಿ

ನಾವು ತಿಳಿಯದೆ ಮಾಡುವ ಕೆಲವು ಸಣ್ಣ ತಪ್ಪುಗಳಿಂದ ಆರೋಗ್ಯಕ್ಕೆ ಬಹಳ ಹಾನಿಯಾಗುತ್ತದೆ. ನಮ್ಮಲ್ಲಿ ಅನೇಕರು ಸಾಕಷ್ಟು ನೀರು ಕುಡಿಯದೇ ಇರುವ ತಪ್ಪು ಮಾಡುತ್ತೇವೆ. ಇದರಿಂದಾಗಿ ಮತ್ತೊಂದು ತಪ್ಪನ್ನು ಮಾಡುತ್ತೇವೆ. ಅದು ಮೂತ್ರವನ್ನು ಹಿಡಿದಿಟ್ಟುಕೊಳ್ಳುವುದು.

ಸ್ವಲ್ಪ ಸಮಯದವರೆಗೆ ಸಾಂದರ್ಭಿಕವಾಗಿ ಮೂತ್ರವನ್ನು ಹಿಡಿದಿಟ್ಟುಕೊಳ್ಳುವುದು ಒಳ್ಳೆಯದು. ಆದರೆ ಅದನ್ನು ಪದೇ ಪದೇ ಮಾಡುವುದರಿಂದ ಆರೋಗ್ಯಕ್ಕೆ ಹಾನಿಯಾಗುತ್ತದೆ. ಈ ಅಭ್ಯಾಸವು ಮೂತ್ರಕೋಶದ ಮೇಲೆ ಒತ್ತಡ ಹೇರುತ್ತದೆ ಮತ್ತು ಸೋಂಕಿನ ಅಪಾಯವನ್ನು ಹೆಚ್ಚಿಸುತ್ತದೆ.

ಮೂತ್ರಪಿಂಡ, ಹೃದಯಕ್ಕೆ ಅಪಾಯ: ಮೂತ್ರ ವಿಸರ್ಜನೆಯು ನೈಸರ್ಗಿಕ ಪ್ರಕ್ರಿಯೆ. ನಮ್ಮ ದೇಹದ ಎಲ್ಲಾ ಕಲ್ಮಶಗಳನ್ನು ಮೂತ್ರದ ಮೂಲಕ ಹೊರಹಾಕಲಾಗುತ್ತದೆ. ದೀರ್ಘಕಾಲದವರೆಗೆ ಮೂತ್ರವನ್ನು ಹಿಡಿದಿಟ್ಟುಕೊಳ್ಳುವುದು ಮೂತ್ರಪಿಂಡಗಳ ಮೇಲೆ ಪರಿಣಾಮ ಬೀರುತ್ತದೆ.

ಆರೋಗ್ಯ ತಜ್ಞರ ಪ್ರಕಾರ, ಪ್ರತಿ ವ್ಯಕ್ತಿ ದಿನಕ್ಕೆ ಕನಿಷ್ಠ 6-8 ಬಾರಿ ಮೂತ್ರ ವಿಸರ್ಜನೆ ಮಾಡಬೇಕು. ಇದಕ್ಕಿಂತ ಕಡಿಮೆ ಇದ್ದರೆ ಅಥವಾ ದೀರ್ಘಕಾಲದವರೆಗೆ ಮೂತ್ರವನ್ನು ತಡೆಹಿಡಿದರೆ ಮೂತ್ರನಾಳದ ಸೋಂಕು (UTI) ಮತ್ತು ಮೂತ್ರಪಿಂಡದ ಕಲ್ಲುಗಳ ಸಮಸ್ಯೆ ಉಂಟಾಗಬಹುದು. ಇದು ಮುಂದೆ ರಕ್ತದೊತ್ತಡ ಮತ್ತು ಹೃದಯದ ಕಾಯಿಲೆಗಳಿಗೂ ಕಾರಣವಾಗಬಹುದು.

ಮೂತ್ರಕೋಶದ ಸ್ನಾಯುಗಳು ದುರ್ಬಲವಾಗುತ್ತವೆ: ಮೂತ್ರವನ್ನು ಪದೇ ಪದೇ ತಡೆಹಿಡಿಯುವುದರಿಂದ ಮೂತ್ರಕೋಶ ಹಿಗ್ಗುತ್ತದೆ ಮತ್ತು ಅದರ ಸ್ನಾಯುಗಳು ದುರ್ಬಲಗೊಳ್ಳುತ್ತವೆ. ಇದರಿಂದ ಮೂತ್ರಕೋಶವನ್ನು ಸಂಪೂರ್ಣವಾಗಿ ಖಾಲಿ ಮಾಡಲು ಸಾಧ್ಯವಾಗುವುದಿಲ್ಲ. ಉಳಿದ ಮೂತ್ರದಲ್ಲಿ ಬ್ಯಾಕ್ಟೀರಿಯಾಗಳು ಬೆಳೆದು ಸೋಂಕು ಉಂಟಾಗುತ್ತದೆ.

ಪ್ರಯಾಣದ ಸಮಯದಲ್ಲಿ, ಕೆಲಸದ ಒತ್ತಡದಲ್ಲಿ ಅಥವಾ ಸಾರ್ವಜನಿಕ ಶೌಚಾಲಯಗಳ ಕೊರತೆಯಿಂದ ಅನೇಕರು ಮೂತ್ರವನ್ನು ತಡೆಹಿಡಿಯುತ್ತಾರೆ. ಆದರೆ ಇದು ಅಭ್ಯಾಸವಾಗದಂತೆ ಎಚ್ಚರ ವಹಿಸಬೇಕು. ಸಾಕಷ್ಟು ನೀರು ಕುಡಿಯುವುದು ಮತ್ತು ಸಮಯಕ್ಕೆ ಸರಿಯಾಗಿ ಮೂತ್ರ ವಿಸರ್ಜನೆ ಮಾಡುವುದು ಆರೋಗ್ಯಕರ ಅಭ್ಯಾಸ.

ಓದುಗರ ವಿಶೇಷ ಸೂಚನೆ: ಈ ವರದಿಯಲ್ಲಿ ನಿಮಗೆ ನೀಡಲಾದ ಎಲ್ಲಾ ಆರೋಗ್ಯ ಸಂಬಂಧಿತ ಮಾಹಿತಿ ಸಾಮಾನ್ಯ ಮಾಹಿತಿಗಾಗಿ ಮಾತ್ರ. ನಾವು ಈ ಮಾಹಿತಿಯನ್ನು ವೈಜ್ಞಾನಿಕ ಸಂಶೋಧನೆ, ಅಧ್ಯಯನಗಳು, ವೈದ್ಯಕೀಯ ಮತ್ತು ಆರೋಗ್ಯ ವೃತ್ತಿಪರ ಸಲಹೆಯ ಆಧಾರದ ಮೇಲೆ ಒದಗಿಸುತ್ತಿದ್ದೇವೆ. ನೀವು ಈ ಬಗ್ಗೆ ವಿವರವಾಗಿ ತಿಳಿದುಕೊಳ್ಳಬೇಕು. ಮತ್ತು ಈ ವಿಧಾನ ಅಥವಾ ಕಾರ್ಯವಿಧಾನವನ್ನು ಅಳವಡಿಸಿಕೊಳ್ಳುವ ಮೊದಲು ವೈದ್ಯರನ್ನು ಸಂಪರ್ಕಿಸಬೇಕು.
